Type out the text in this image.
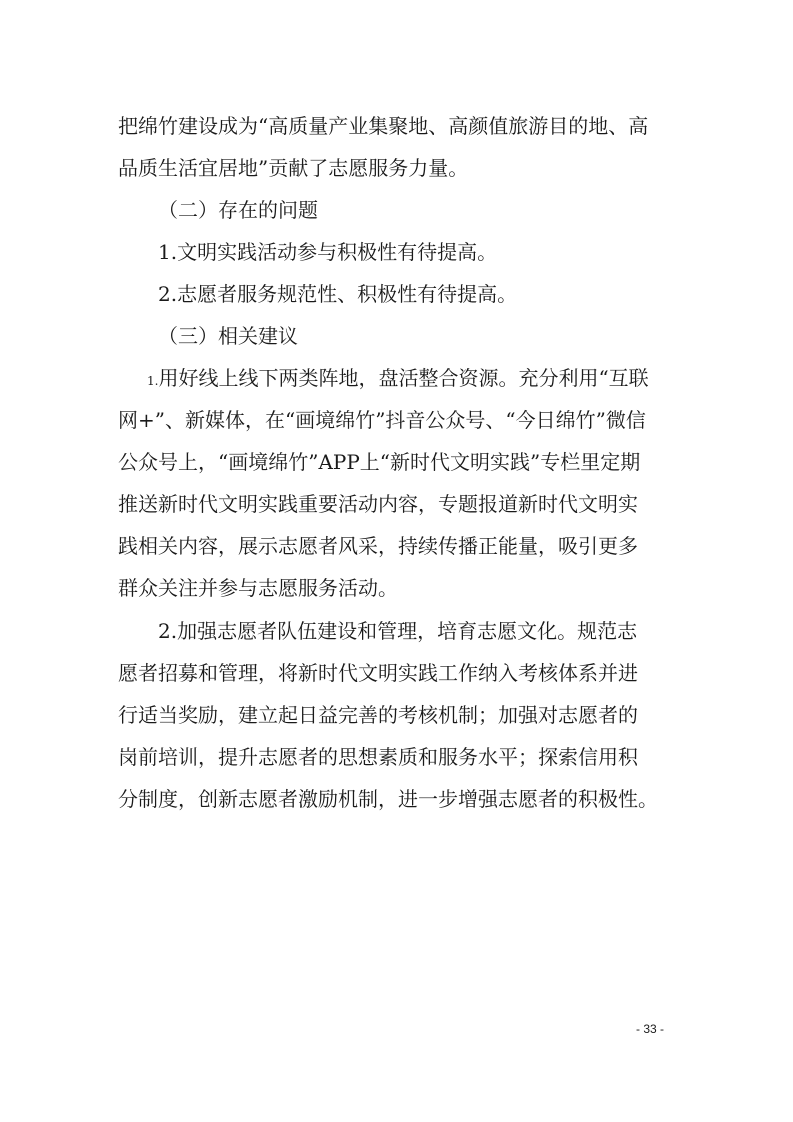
把绵竹建设成为“高质量产业集聚地、高颜值旅游目的地、高
品质生活宜居地”贡献了志愿服务力量。
（二）存在的问题
1.文明实践活动参与积极性有待提高。
2.志愿者服务规范性、积极性有待提高。
（三）相关建议
1.用好线上线下两类阵地，盘活整合资源。充分利用“互联
网+”、新媒体，在“画境绵竹”抖音公众号、“今日绵竹”微信
公众号上，“画境绵竹”APP上“新时代文明实践”专栏里定期
推送新时代文明实践重要活动内容，专题报道新时代文明实
践相关内容，展示志愿者风采，持续传播正能量，吸引更多
群众关注并参与志愿服务活动。
2.加强志愿者队伍建设和管理，培育志愿文化。规范志
愿者招募和管理，将新时代文明实践工作纳入考核体系并进
行适当奖励，建立起日益完善的考核机制；加强对志愿者的
岗前培训，提升志愿者的思想素质和服务水平；探索信用积
分制度，创新志愿者激励机制，进一步增强志愿者的积极性。
- 33 -
